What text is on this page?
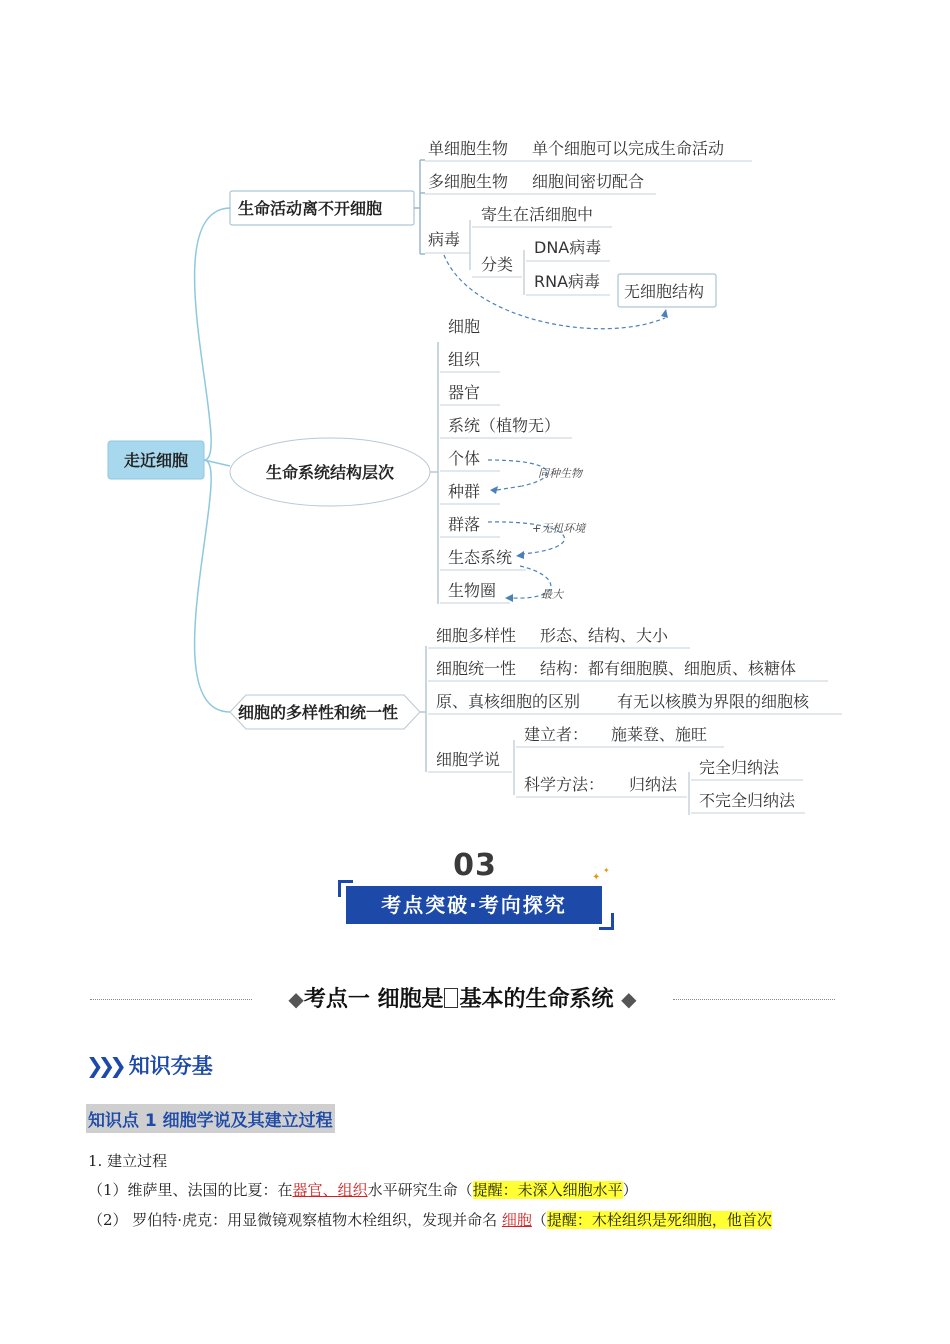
走近细胞
生命活动离不开细胞
单细胞生物 单个细胞可以完成生命活动
多细胞生物 细胞间密切配合
病毒
寄生在活细胞中
分类
DNA病毒
RNA病毒
无细胞结构
生命系统结构层次
细胞
组织
器官
系统（植物无）
个体
种群
群落
生态系统
生物圈
同种生物
+无机环境
最大
细胞的多样性和统一性
细胞多样性 形态、结构、大小
细胞统一性 结构：都有细胞膜、细胞质、核糖体
原、真核细胞的区别 有无以核膜为界限的细胞核
细胞学说
建立者： 施莱登、施旺
科学方法： 归纳法
完全归纳法
不完全归纳法
03
考点突破·考向探究
✦
✦
◆考点一 细胞是 基本的生命系统 ◆
❯❯❯ 知识夯基
知识点 1 细胞学说及其建立过程
1. 建立过程
（1）维萨里、法国的比夏：在器官、组织水平研究生命（提醒：未深入细胞水平）
（2） 罗伯特·虎克：用显微镜观察植物木栓组织，发现并命名 细胞（提醒：木栓组织是死细胞，他首次
